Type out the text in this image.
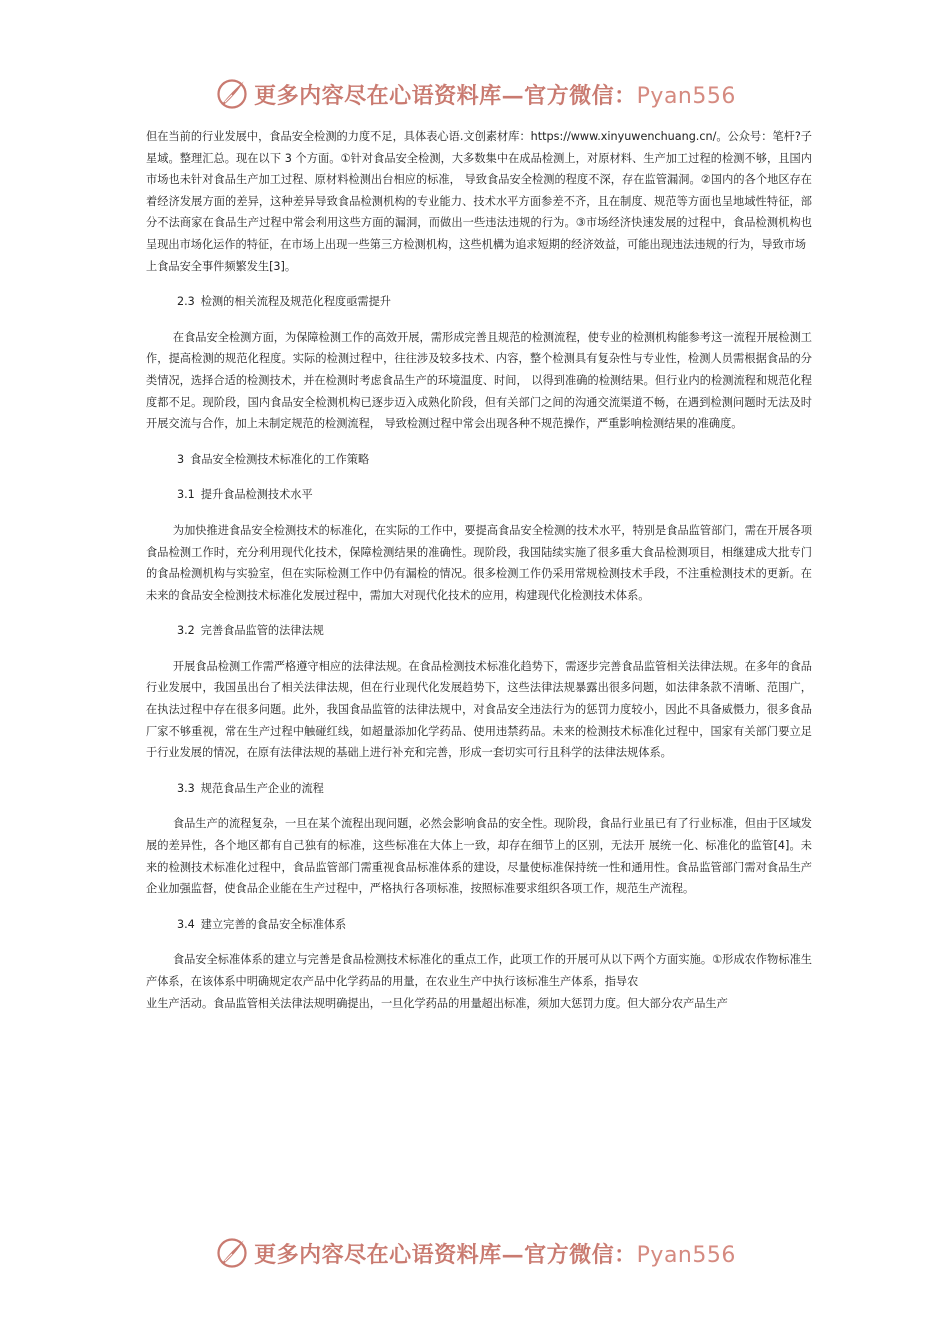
更多内容尽在心语资料库—官方微信：Pyan556

但在当前的行业发展中，食品安全检测的力度不足，具体表心语.文创素材库：https://www.xinyuwenchuang.cn/。公众号：笔杆?子星域。整理汇总。现在以下 3 个方面。①针对食品安全检测，大多数集中在成品检测上，对原材料、生产加工过程的检测不够，且国内市场也未针对食品生产加工过程、原材料检测出台相应的标准， 导致食品安全检测的程度不深，存在监管漏洞。②国内的各个地区存在着经济发展方面的差异，这种差异导致食品检测机构的专业能力、技术水平方面参差不齐，且在制度、规范等方面也呈地域性特征，部分不法商家在食品生产过程中常会利用这些方面的漏洞，而做出一些违法违规的行为。③市场经济快速发展的过程中，食品检测机构也呈现出市场化运作的特征，在市场上出现一些第三方检测机构，这些机構为追求短期的经济效益，可能出现违法违规的行为，导致市场
上食品安全事件频繁发生[3]。

2.3 检测的相关流程及规范化程度亟需提升

在食品安全检测方面，为保障检测工作的高效开展，需形成完善且规范的检测流程，使专业的检测机构能参考这一流程开展检测工作，提高检测的规范化程度。实际的检测过程中，往往涉及较多技术、内容，整个检测具有复杂性与专业性，检测人员需根据食品的分类情况，选择合适的检测技术，并在检测时考虑食品生产的环境温度、时间， 以得到准确的检测结果。但行业内的检测流程和规范化程度都不足。现阶段，国内食品安全检测机构已逐步迈入成熟化阶段，但有关部门之间的沟通交流渠道不畅，在遇到检测问题时无法及时开展交流与合作，加上未制定规范的检测流程， 导致检测过程中常会出现各种不规范操作，严重影响检测结果的准确度。

3 食品安全检测技术标准化的工作策略
3.1 提升食品检测技术水平

为加快推进食品安全检测技术的标准化，在实际的工作中，要提高食品安全检测的技术水平，特别是食品监管部门，需在开展各项食品检测工作时，充分利用现代化技术，保障检测结果的准确性。现阶段，我国陆续实施了很多重大食品检测项目，相继建成大批专门的食品检测机构与实验室，但在实际检测工作中仍有漏检的情况。很多检测工作仍采用常规检测技术手段，不注重检测技术的更新。在未来的食品安全检测技术标准化发展过程中，需加大对现代化技术的应用，构建现代化检测技术体系。

3.2 完善食品监管的法律法规

开展食品检测工作需严格遵守相应的法律法规。在食品检测技术标准化趋势下，需逐步完善食品监管相关法律法规。在多年的食品行业发展中，我国虽出台了相关法律法规，但在行业现代化发展趋势下，这些法律法规暴露出很多问题，如法律条款不清晰、范围广，在执法过程中存在很多问题。此外，我国食品监管的法律法规中，对食品安全违法行为的惩罚力度较小，因此不具备威慑力，很多食品厂家不够重视，常在生产过程中触碰红线，如超量添加化学药品、使用违禁药品。未来的检测技术标准化过程中，国家有关部门要立足于行业发展的情况，在原有法律法规的基础上进行补充和完善，形成一套切实可行且科学的法律法规体系。

3.3 规范食品生产企业的流程

食品生产的流程复杂，一旦在某个流程出现问题，必然会影响食品的安全性。现阶段，食品行业虽已有了行业标准，但由于区域发展的差异性，各个地区都有自己独有的标准，这些标准在大体上一致，却存在细节上的区别，无法开 展统一化、标准化的监管[4]。未来的检测技术标准化过程中，食品监管部门需重视食品标准体系的建设，尽量使标准保持统一性和通用性。食品监管部门需对食品生产企业加强监督，使食品企业能在生产过程中，严格执行各项标准，按照标准要求组织各项工作，规范生产流程。

3.4 建立完善的食品安全标准体系

食品安全标准体系的建立与完善是食品检测技术标准化的重点工作，此项工作的开展可从以下两个方面实施。①形成农作物标准生产体系，在该体系中明确规定农产品中化学药品的用量，在农业生产中执行该标准生产体系，指导农
业生产活动。食品监管相关法律法规明确提出，一旦化学药品的用量超出标准，须加大惩罚力度。但大部分农产品生产

更多内容尽在心语资料库—官方微信：Pyan556
